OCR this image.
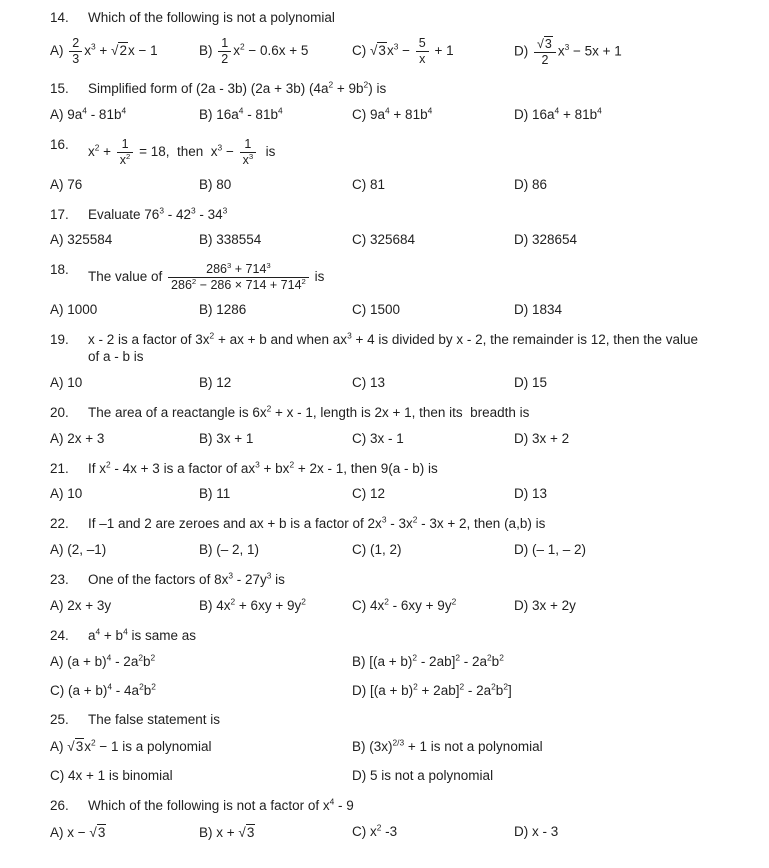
14.	Which of the following is not a polynomial
$A) \frac{2}{3} x^3$ + √ 2x − 1	$B) \frac{1}{2} x^2 - 0.6x + 5$	C) √ $3x^3 - \frac{5}{x} + 1$	D) √ $\frac{3}{2} x^3 - 5x + 1$
15.	Simplified form of (2a - 3b) (2a + 3b) $(4a^2 + 9b^2)$ is
A) $9a^4 - 81b^4$	B) $16a^4 - 81b^4$	C) $9a^4 + 81b^4$	D) $16a^4 + 81b^4$
16.	$x^2 + \frac{1}{x^2} = 18$,  then  $x^3 - \frac{1}{x^3}$ is
A) 76	B) 80	C) 81	D) 86
17.	Evaluate $76^3 - 42^3 - 34^3$
A) 325584	B) 338554	C) 325684	D) 328654
18.	The value of $\frac{286^3 + 714^3}{286^2 - 286 \times 714 + 714^2}$ is
A) 1000	B) 1286	C) 1500	D) 1834
19.	x - 2 is a factor of $3x^2$ + ax + b and when $ax^3 + 4$ is divided by x - 2, the remainder is 12, then the value
of a - b is
A) 10	B) 12	C) 13	D) 15
20.	The area of a reactangle is $6x^2 + x - 1$, length is 2x + 1, then its  breadth is
A) 2x + 3	B) 3x + 1	C) 3x - 1	D) 3x + 2
21.	If $x^2 - 4x + 3$ is a factor of $ax^3 + bx^2 + 2x - 1$, then 9(a - b) is
A) 10	B) 11	C) 12	D) 13
22.	If –1 and 2 are zeroes and ax + b is a factor of $2x^3 - 3x^2 - 3x + 2$, then (a,b) is
A) (2, –1)	B) (– 2, 1)	C) (1, 2)	D) (– 1, – 2)
23.	One of the factors of $8x^3 - 27y^3$ is
A) 2x + 3y	B) $4x^2 + 6xy + 9y^2$	C) $4x^2 - 6xy + 9y^2$	D) 3x + 2y
24.	$a^4 + b^4$ is same as
A) $(a + b)^4 - 2a^2b^2$	B) $[(a + b)^2 - 2ab]^2 - 2a^2b^2$
C) $(a + b)^4 - 4a^2b^2$	D) $[(a + b)^2 + 2ab]^2 - 2a^2b^2$]
25.	The false statement is
A) √ $3x^2 - 1$ is a polynomial	B) $(3x)^{2/3} + 1$ is not a polynomial
C) 4x + 1 is binomial	D) 5 is not a polynomial
26.	Which of the following is not a factor of $x^4 - 9$
A) x − √ 3	B) x + √ 3	C) $x^2$ -3	D) x - 3
